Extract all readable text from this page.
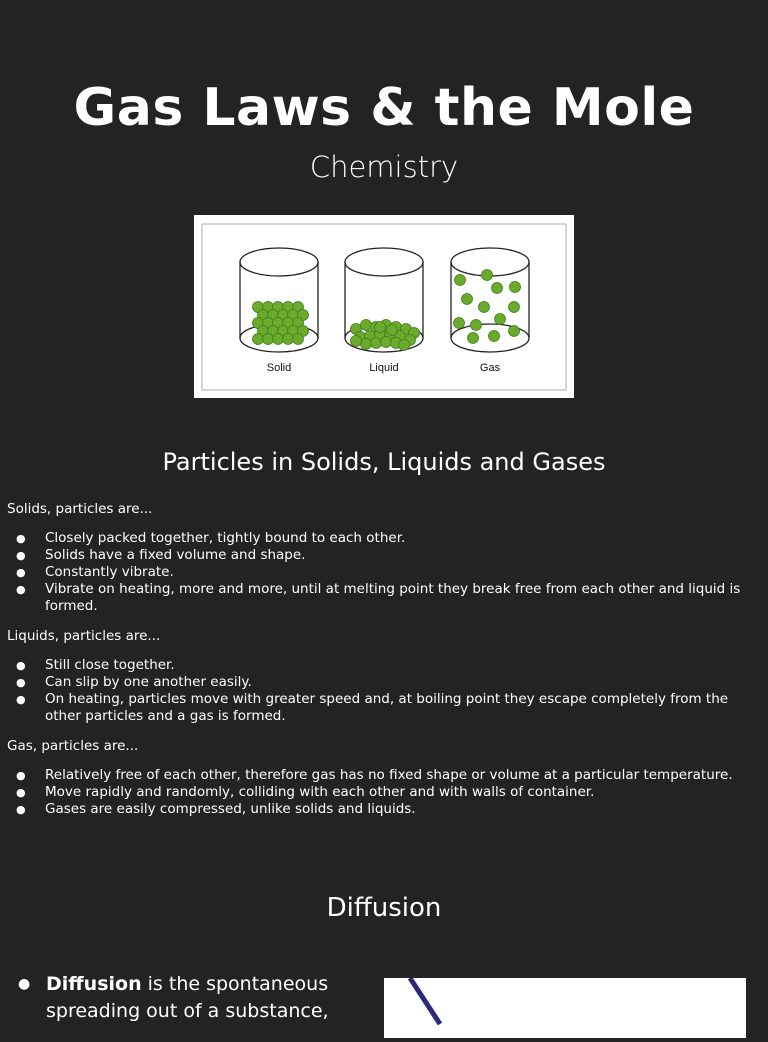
Gas Laws & the Mole
Chemistry
Solid	Liquid	Gas
Particles in Solids, Liquids and Gases

Solids, particles are...

● Closely packed together, tightly bound to each other.
● Solids have a fixed volume and shape.
● Constantly vibrate.
● Vibrate on heating, more and more, until at melting point they break free from each other and liquid is formed.

Liquids, particles are...

● Still close together.
● Can slip by one another easily.
● On heating, particles move with greater speed and, at boiling point they escape completely from the other particles and a gas is formed.

Gas, particles are...

● Relatively free of each other, therefore gas has no fixed shape or volume at a particular temperature.
● Move rapidly and randomly, colliding with each other and with walls of container.
● Gases are easily compressed, unlike solids and liquids.
Diffusion
● Diffusion is the spontaneous spreading out of a substance,
